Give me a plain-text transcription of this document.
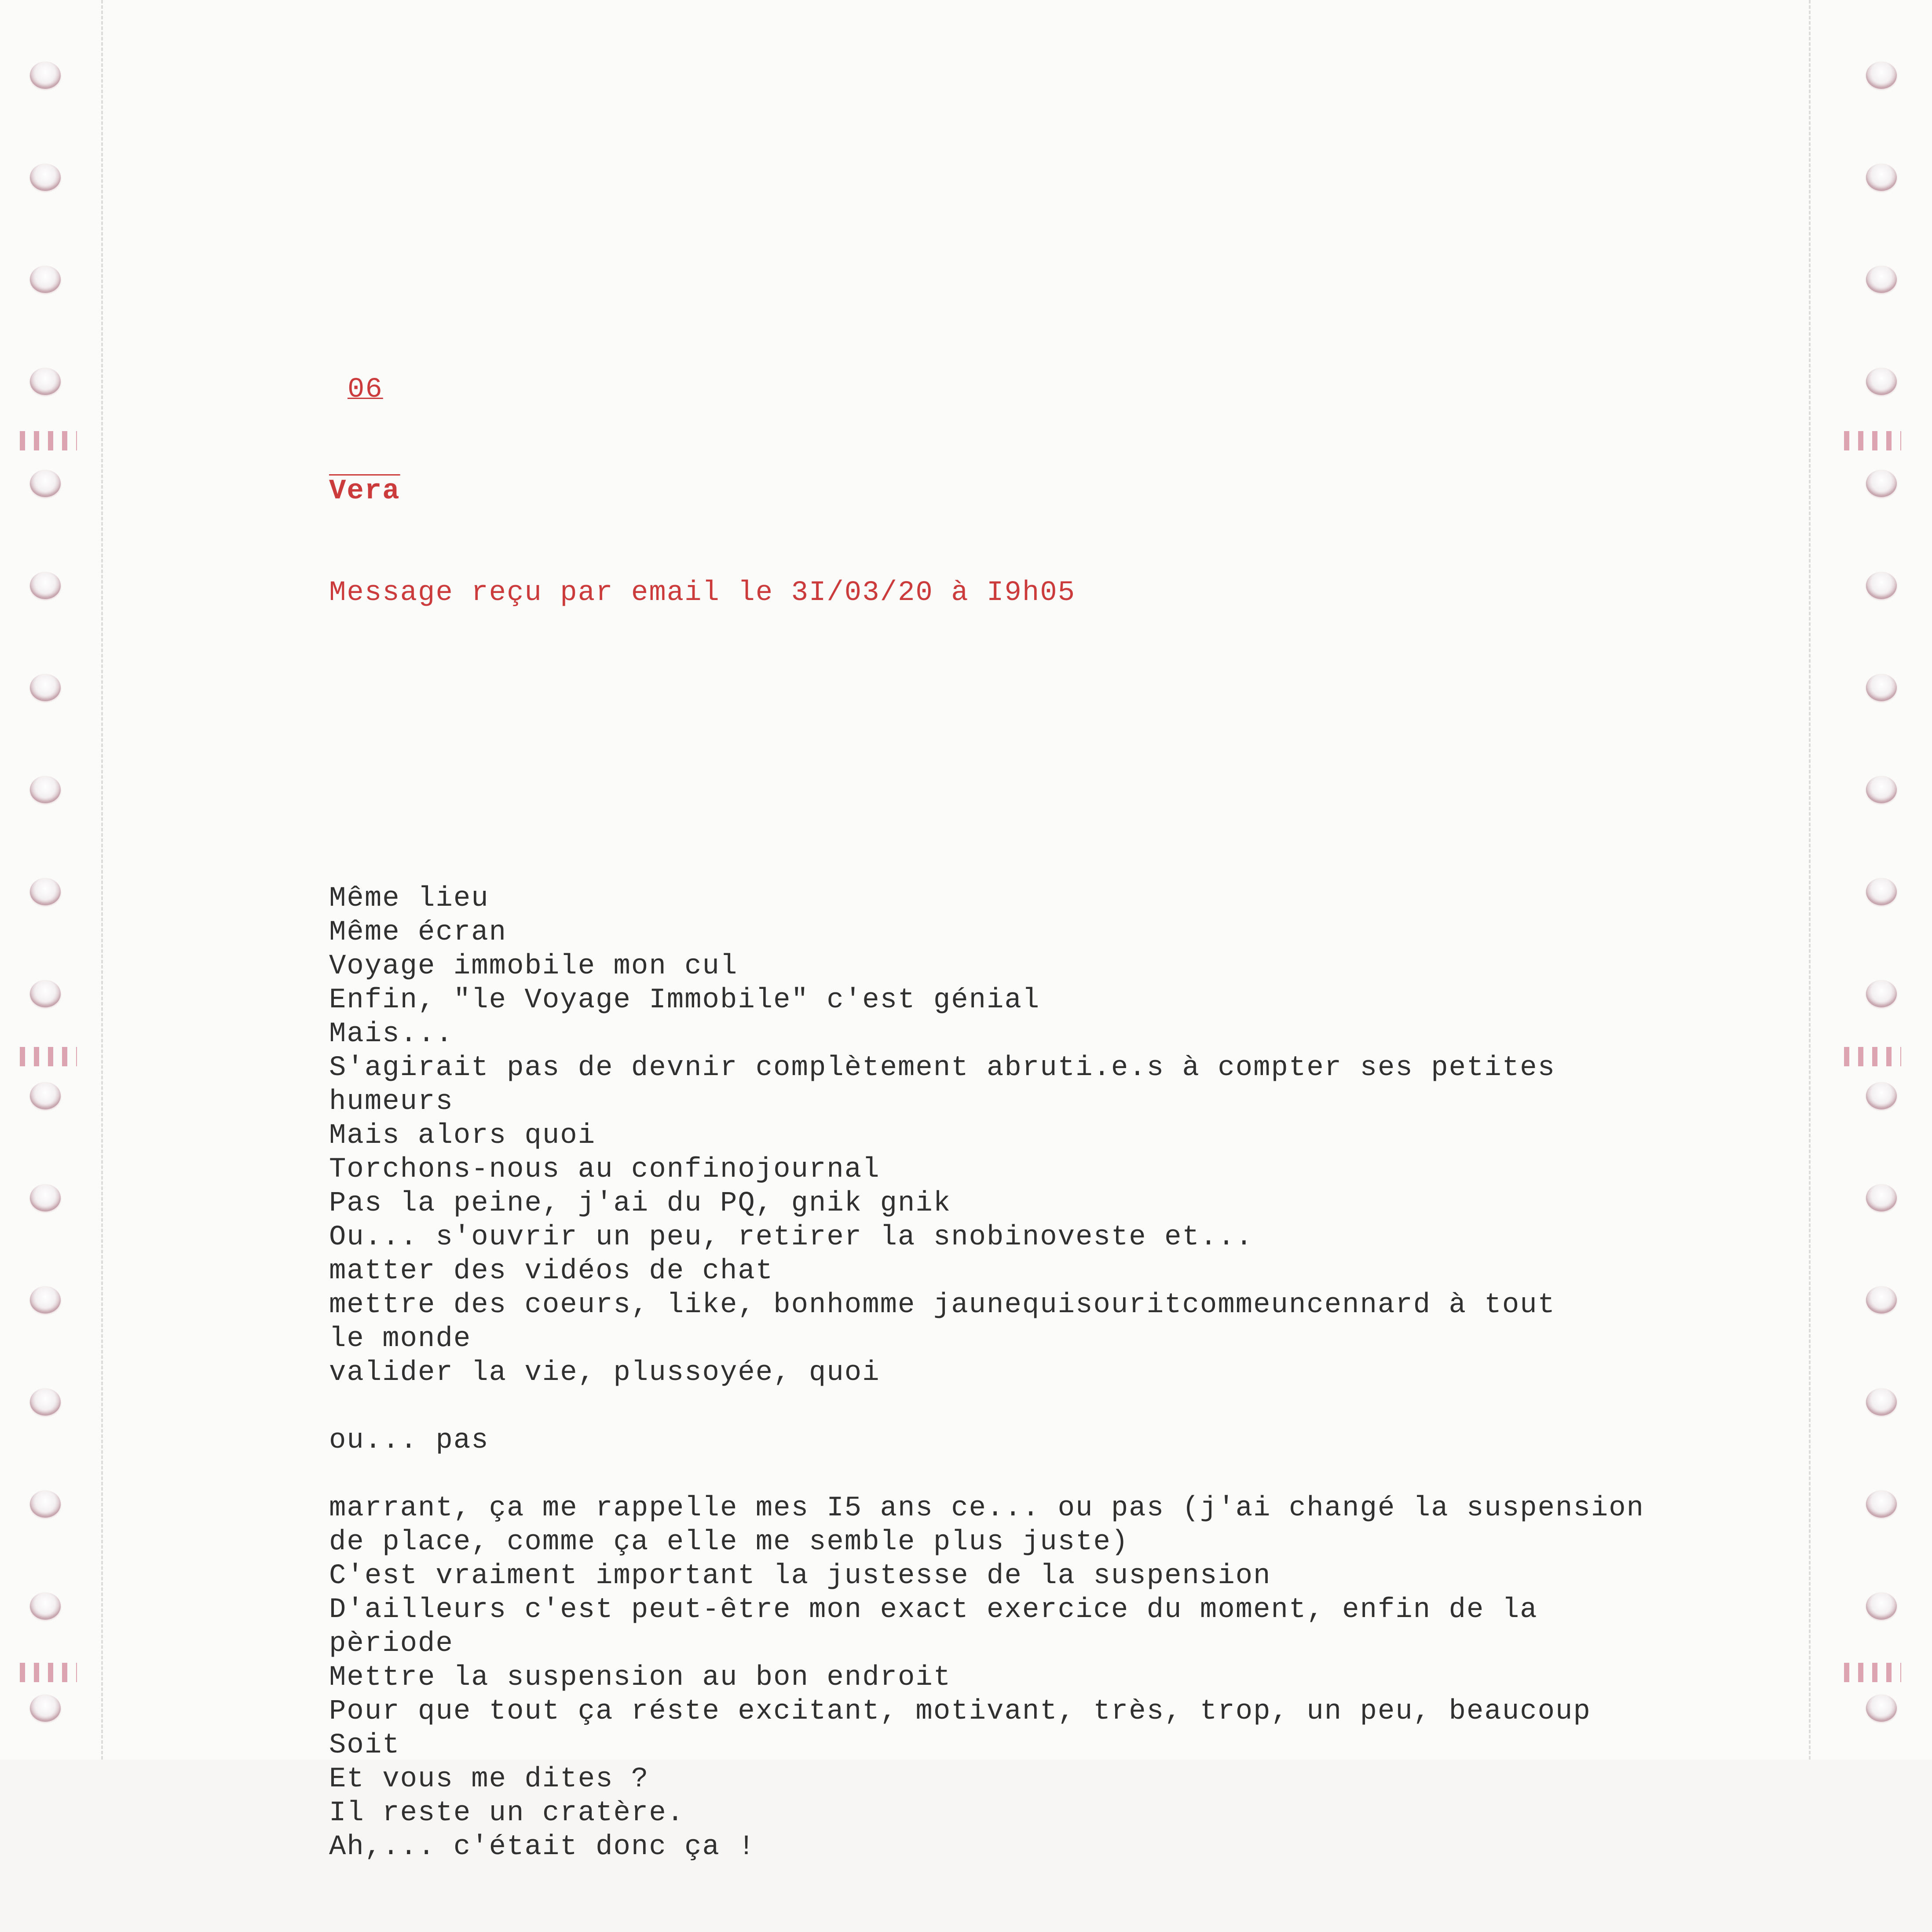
06

Vera

Message reçu par email le 3I/03/20 à I9h05

Même lieu
Même écran
Voyage immobile mon cul
Enfin, "le Voyage Immobile" c'est génial
Mais...
S'agirait pas de devnir complètement abruti.e.s à compter ses petites
humeurs
Mais alors quoi
Torchons-nous au confinojournal
Pas la peine, j'ai du PQ, gnik gnik
Ou... s'ouvrir un peu, retirer la snobinoveste et...
matter des vidéos de chat
mettre des coeurs, like, bonhomme jaunequisouritcommeuncennard à tout
le monde
valider la vie, plussoyée, quoi
ou... pas
marrant, ça me rappelle mes I5 ans ce... ou pas (j'ai changé la suspension
de place, comme ça elle me semble plus juste)
C'est vraiment important la justesse de la suspension
D'ailleurs c'est peut-être mon exact exercice du moment, enfin de la
pèriode
Mettre la suspension au bon endroit
Pour que tout ça réste excitant, motivant, très, trop, un peu, beaucoup
Soit
Et vous me dites ?
Il reste un cratère.
Ah,... c'était donc ça !
